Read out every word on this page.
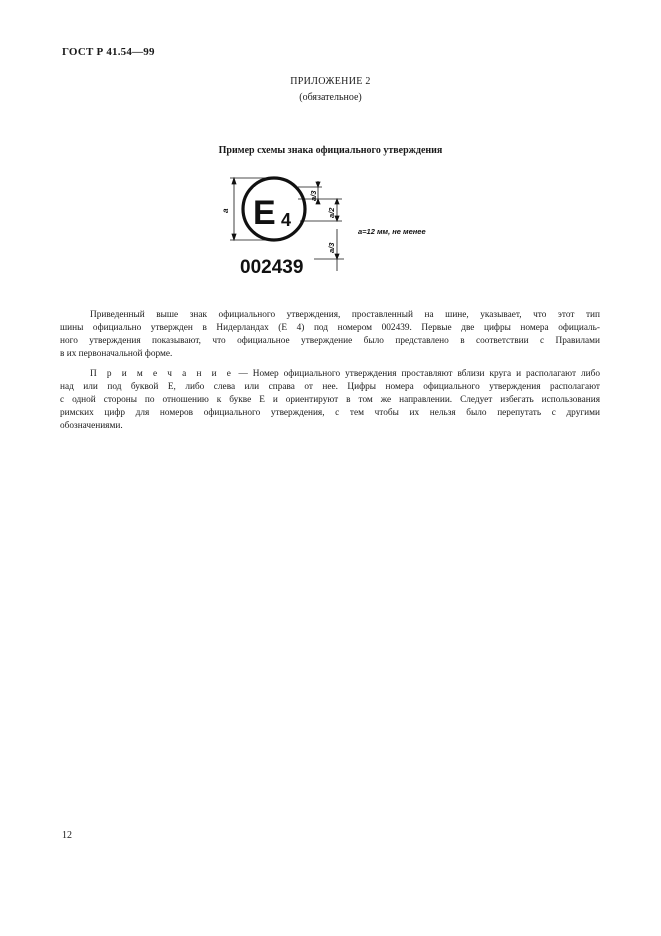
ГОСТ Р 41.54—99
ПРИЛОЖЕНИЕ 2
(обязательное)
Пример схемы знака официального утверждения
E 4
a
a/3
a/2
a/3
002439
a=12 мм, не менее
Приведенный выше знак официального утверждения, проставленный на шине, указывает, что этот тип
шины официально утвержден в Нидерландах (Е 4) под номером 002439. Первые две цифры номера официаль-
ного утверждения показывают, что официальное утверждение было представлено в соответствии с Правилами
в их первоначальной форме.
П р и м е ч а н и е — Номер официального утверждения проставляют вблизи круга и располагают либо
над или под буквой Е, либо слева или справа от нее. Цифры номера официального утверждения располагают
с одной стороны по отношению к букве Е и ориентируют в том же направлении. Следует избегать использования
римских цифр для номеров официального утверждения, с тем чтобы их нельзя было перепутать с другими
обозначениями.
12
